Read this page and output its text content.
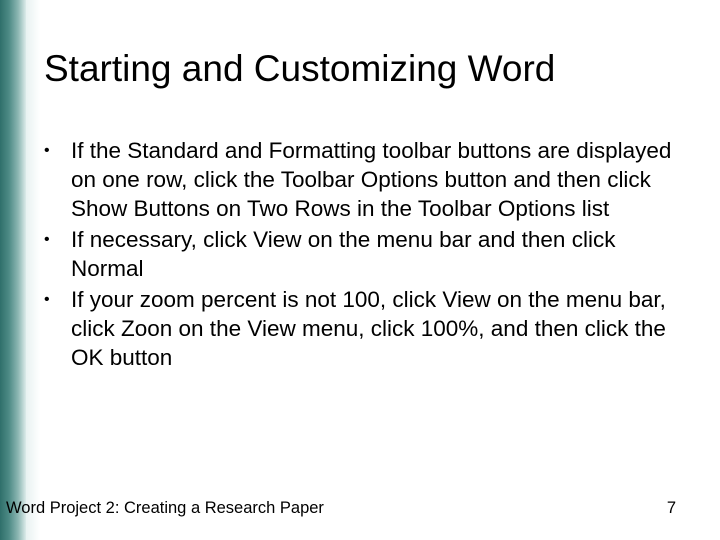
Starting and Customizing Word
• If the Standard and Formatting toolbar buttons are displayed on one row, click the Toolbar Options button and then click Show Buttons on Two Rows in the Toolbar Options list
• If necessary, click View on the menu bar and then click Normal
• If your zoom percent is not 100, click View on the menu bar, click Zoon on the View menu, click 100%, and then click the OK button
Word Project 2: Creating a Research Paper	7
